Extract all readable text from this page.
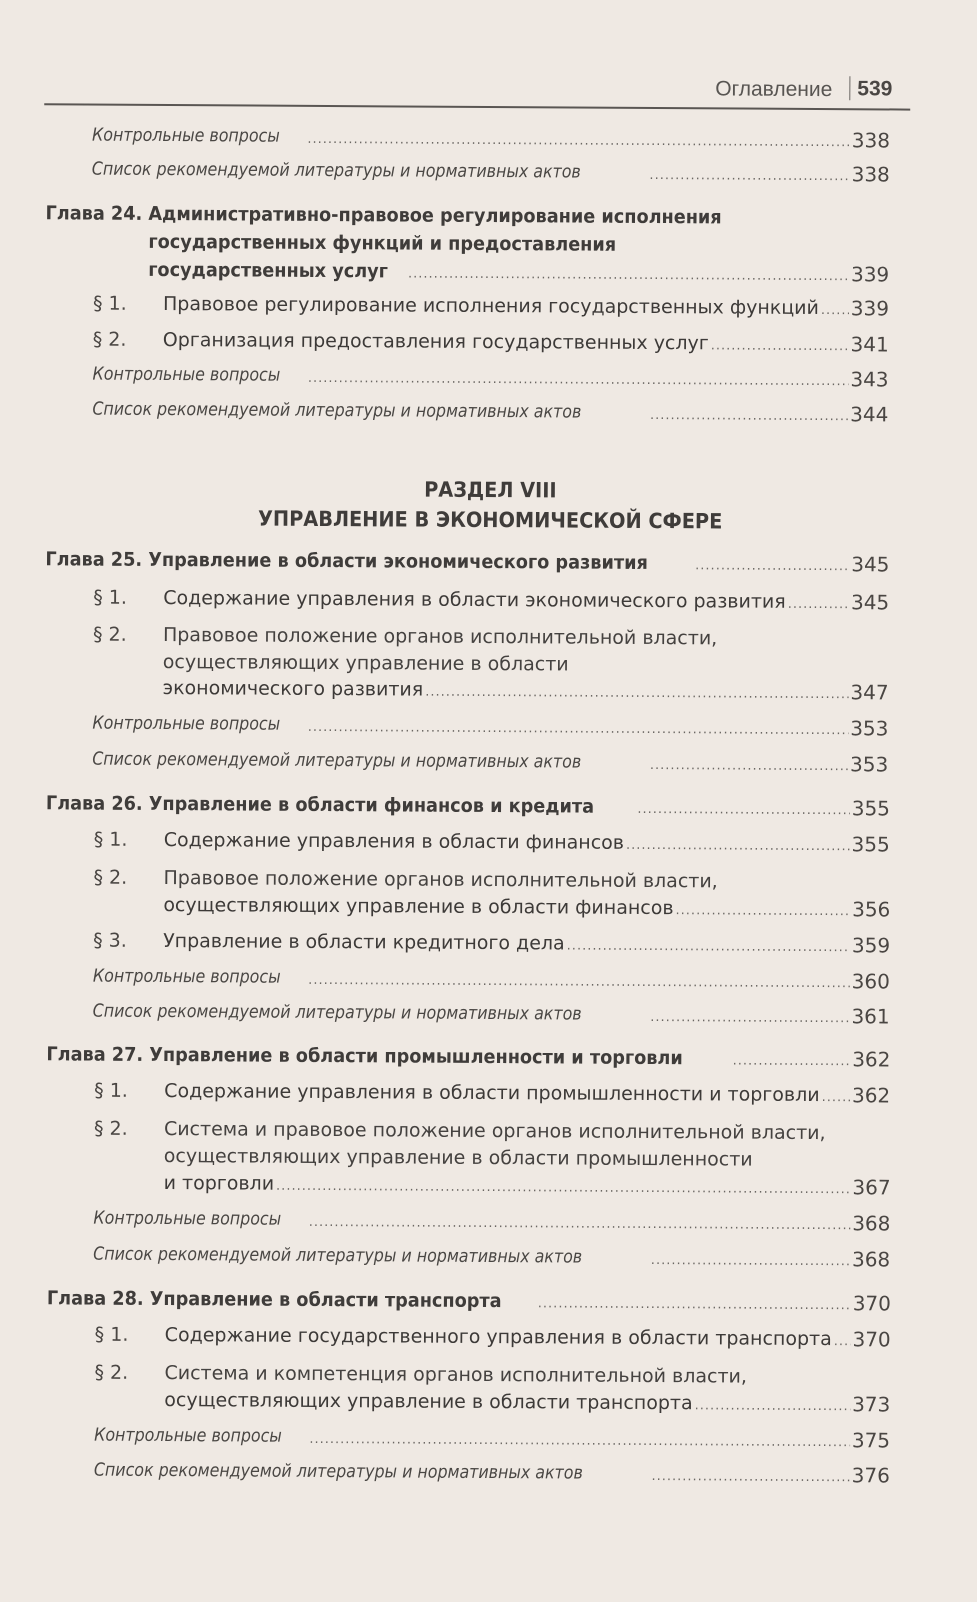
Оглавление 539
Контрольные вопросы .....	338
Список рекомендуемой литературы и нормативных актов .....	338
Глава 24. Административно-правовое регулирование исполнения
государственных функций и предоставления
государственных услуг .....	339
§ 1. Правовое регулирование исполнения государственных функций ..... 339
§ 2. Организация предоставления государственных услуг .....	341
Контрольные вопросы .....	343
Список рекомендуемой литературы и нормативных актов .....	344
РАЗДЕЛ VIII
УПРАВЛЕНИЕ В ЭКОНОМИЧЕСКОЙ СФЕРЕ
Глава 25. Управление в области экономического развития .....	345
§ 1. Содержание управления в области экономического развития .....	345
§ 2. Правовое положение органов исполнительной власти,
осуществляющих управление в области
экономического развития .....	347
Контрольные вопросы .....	353
Список рекомендуемой литературы и нормативных актов .....	353
Глава 26. Управление в области финансов и кредита .....	355
§ 1. Содержание управления в области финансов .....	355
§ 2. Правовое положение органов исполнительной власти,
осуществляющих управление в области финансов .....	356
§ 3. Управление в области кредитного дела .....	359
Контрольные вопросы .....	360
Список рекомендуемой литературы и нормативных актов .....	361
Глава 27. Управление в области промышленности и торговли .....	362
§ 1. Содержание управления в области промышленности и торговли ..... 362
§ 2. Система и правовое положение органов исполнительной власти,
осуществляющих управление в области промышленности
и торговли .....	367
Контрольные вопросы .....	368
Список рекомендуемой литературы и нормативных актов .....	368
Глава 28. Управление в области транспорта .....	370
§ 1. Содержание государственного управления в области транспорта ..... 370
§ 2. Система и компетенция органов исполнительной власти,
осуществляющих управление в области транспорта .....	373
Контрольные вопросы .....	375
Список рекомендуемой литературы и нормативных актов .....	376
